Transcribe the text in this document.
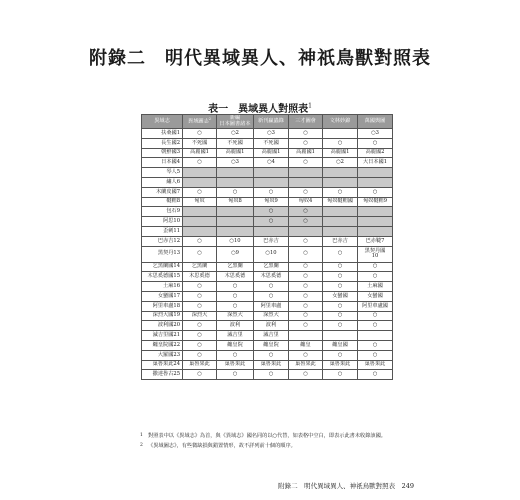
附錄二　明代異域異人、神祇鳥獸對照表
表一　異域異人對照表$^1$
異域志	異域圖志$^2$	新編
日本圖書諸本	新刊贏蟲錄	三才圖會	文林妙錦	萬國輿圖
扶桑國1	○	○2	○3	○		○3
長生國2	不死國	不死國	不死國	○	○	○
朝鮮國3	高麗國1	高麗國1	高麗國1	高麗國1	高麗國1	高麗國2
日本國4	○	○3	○4	○	○2	大日本國1
琴人5						
繡人6						
木蘭皮國7	○	○	○	○	○	○
韃靼8	匈奴	匈奴8	匈奴9	匈奴4	匈奴韃靼國	匈奴韃靼9
包石9			○	○		
阿思10			○	○		
歪刺11						
巴赤吉12	○	○10	巴赤吉	○	巴赤吉	巴赤韃7
黑契丹13	○	○9	○10	○	○	黑契丹國
10
乞黑蘭國14	乞黑蘭	乞黑蘭	乞黑蘭	○	○	○
木思奚德國15	木思奚德	木思奚德	木思奚德	○	○	○
土麻16	○	○	○	○	○	土麻國
女蠻國17	○	○	○	○	女蠻國	女蠻國
阿里車盧18	○	○	阿里車盧	○	○	阿里車盧國
深烈大國19	深烈大	深烈大	深烈大	○	○	○
波利國20	○	波利	波利	○	○	○
滅吉里國21	○	滅吉里	滅吉里			
纏皇院國22	○	纏皇院	纏皇院	纏皇	纏皇國	○
大羅國23	○	○	○	○	○	○
巢魯果此24	巢魯果此	巢魯果此	巢魯果此	巢魯果此	巢魯果此	巢魯果此
撒達魯古25	○	○	○	○	○	○
1 對照表中以《異域志》為首，與《異域志》國名同的以○代替，如表格中空白，即表示此書未收錄該國。
2 《異域圖志》，有些微缺損與錯置情形，故不詳列前十個的順序。
附錄二　明代異域異人、神祇鳥獸對照表　 249
